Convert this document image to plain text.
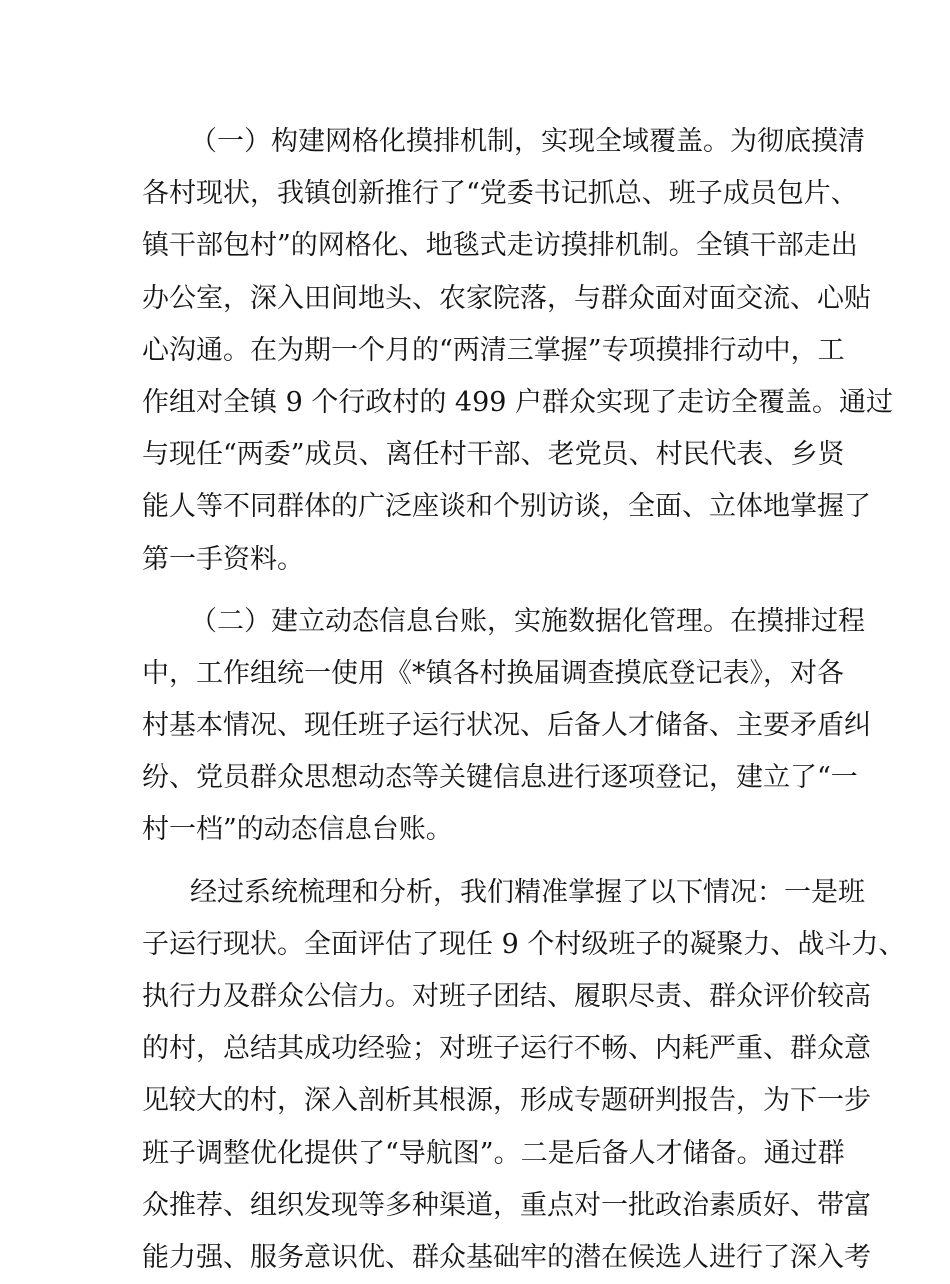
（一）构建网格化摸排机制，实现全域覆盖。为彻底摸清
各村现状，我镇创新推行了“党委书记抓总、班子成员包片、
镇干部包村”的网格化、地毯式走访摸排机制。全镇干部走出
办公室，深入田间地头、农家院落，与群众面对面交流、心贴
心沟通。在为期一个月的“两清三掌握”专项摸排行动中，工
作组对全镇 9 个行政村的 499 户群众实现了走访全覆盖。通过
与现任“两委”成员、离任村干部、老党员、村民代表、乡贤
能人等不同群体的广泛座谈和个别访谈，全面、立体地掌握了
第一手资料。
（二）建立动态信息台账，实施数据化管理。在摸排过程
中，工作组统一使用《*镇各村换届调查摸底登记表》，对各
村基本情况、现任班子运行状况、后备人才储备、主要矛盾纠
纷、党员群众思想动态等关键信息进行逐项登记，建立了“一
村一档”的动态信息台账。
经过系统梳理和分析，我们精准掌握了以下情况：一是班
子运行现状。全面评估了现任 9 个村级班子的凝聚力、战斗力、
执行力及群众公信力。对班子团结、履职尽责、群众评价较高
的村，总结其成功经验；对班子运行不畅、内耗严重、群众意
见较大的村，深入剖析其根源，形成专题研判报告，为下一步
班子调整优化提供了“导航图”。二是后备人才储备。通过群
众推荐、组织发现等多种渠道，重点对一批政治素质好、带富
能力强、服务意识优、群众基础牢的潜在候选人进行了深入考
